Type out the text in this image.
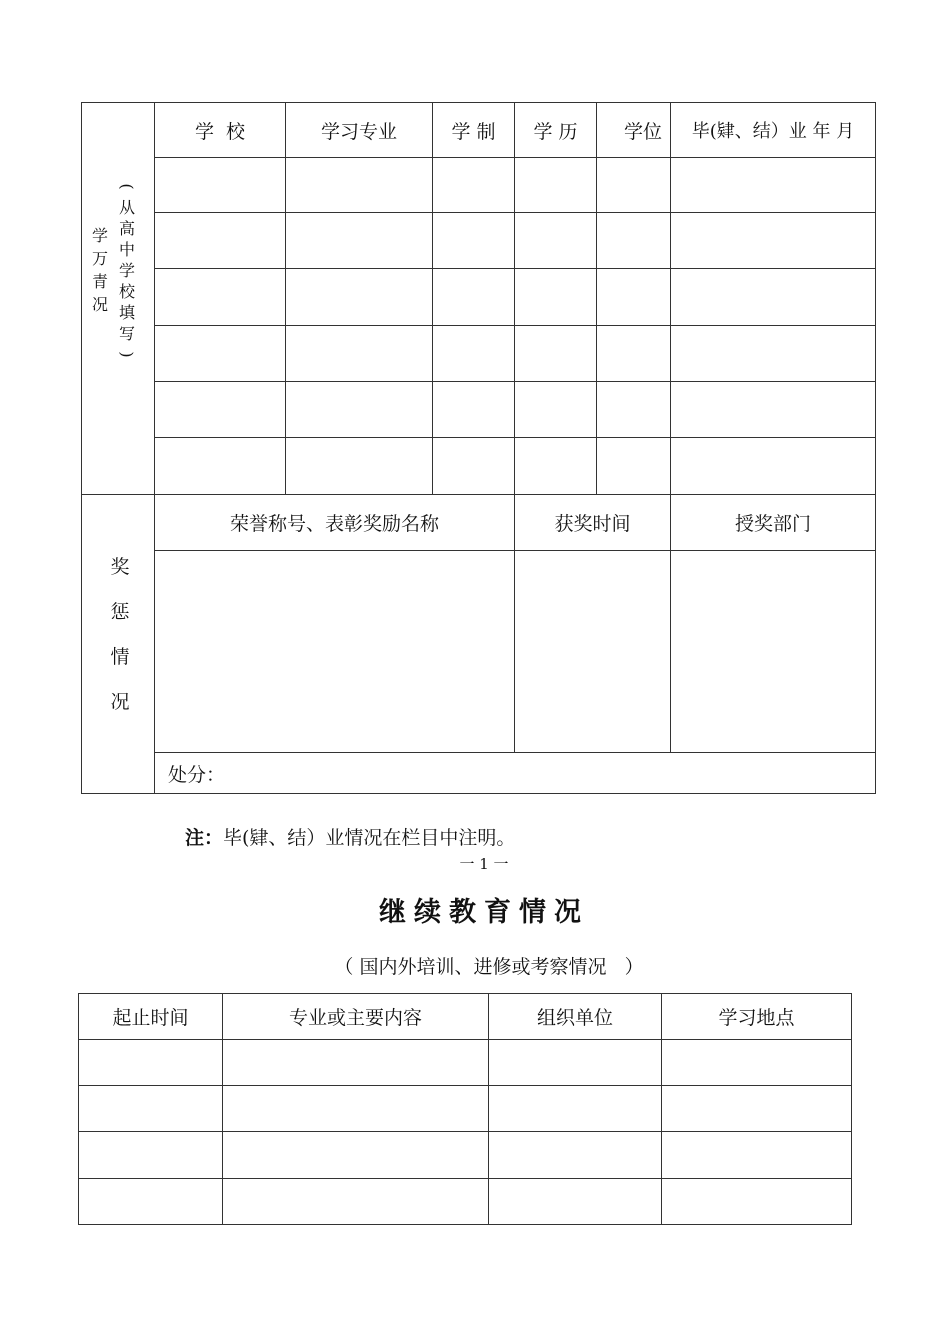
学
万
青
况
(
从
高
中
学
校
填
写
)
学  校	学习专业	学 制	学 历	学位	毕(肄、结）业 年 月
奖
惩
情
况
荣誉称号、表彰奖励名称	获奖时间	授奖部门
处分：
注：毕(肄、结）业情况在栏目中注明。
一 1 一
继续教育情况
（ 国内外培训、进修或考察情况   ）
起止时间	专业或主要内容	组织单位	学习地点
